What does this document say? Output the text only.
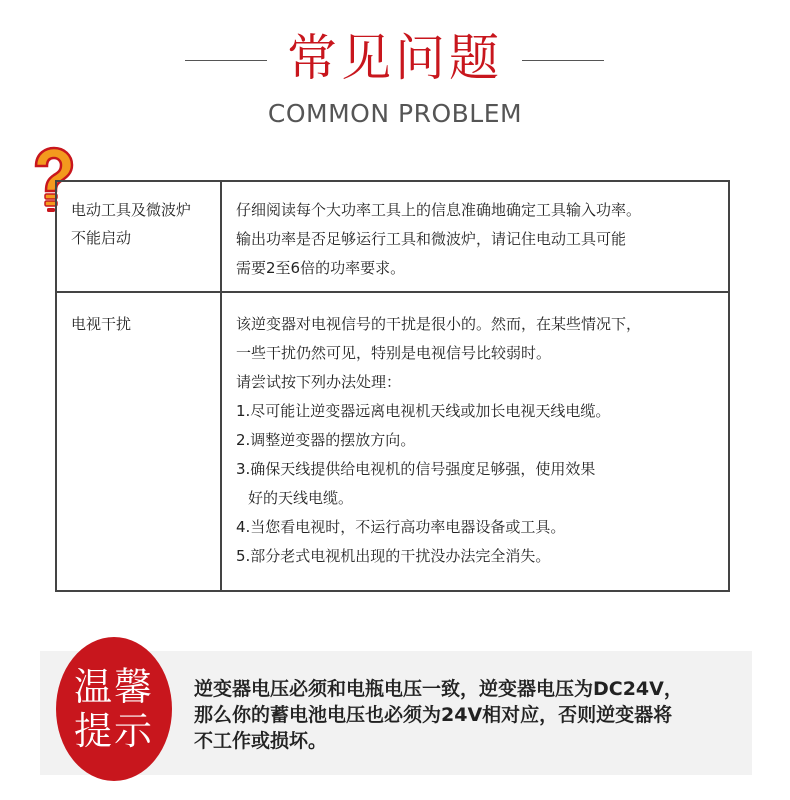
常见问题
COMMON PROBLEM
电动工具及微波炉
不能启动
仔细阅读每个大功率工具上的信息准确地确定工具输入功率。
输出功率是否足够运行工具和微波炉，请记住电动工具可能
需要2至6倍的功率要求。
电视干扰	该逆变器对电视信号的干扰是很小的。然而，在某些情况下，
一些干扰仍然可见，特别是电视信号比较弱时。
请尝试按下列办法处理：
1.尽可能让逆变器远离电视机天线或加长电视天线电缆。
2.调整逆变器的摆放方向。
3.确保天线提供给电视机的信号强度足够强，使用效果
好的天线电缆。
4.当您看电视时，不运行高功率电器设备或工具。
5.部分老式电视机出现的干扰没办法完全消失。
温馨
提示
逆变器电压必须和电瓶电压一致，逆变器电压为DC24V，
那么你的蓄电池电压也必须为24V相对应，否则逆变器将
不工作或损坏。
